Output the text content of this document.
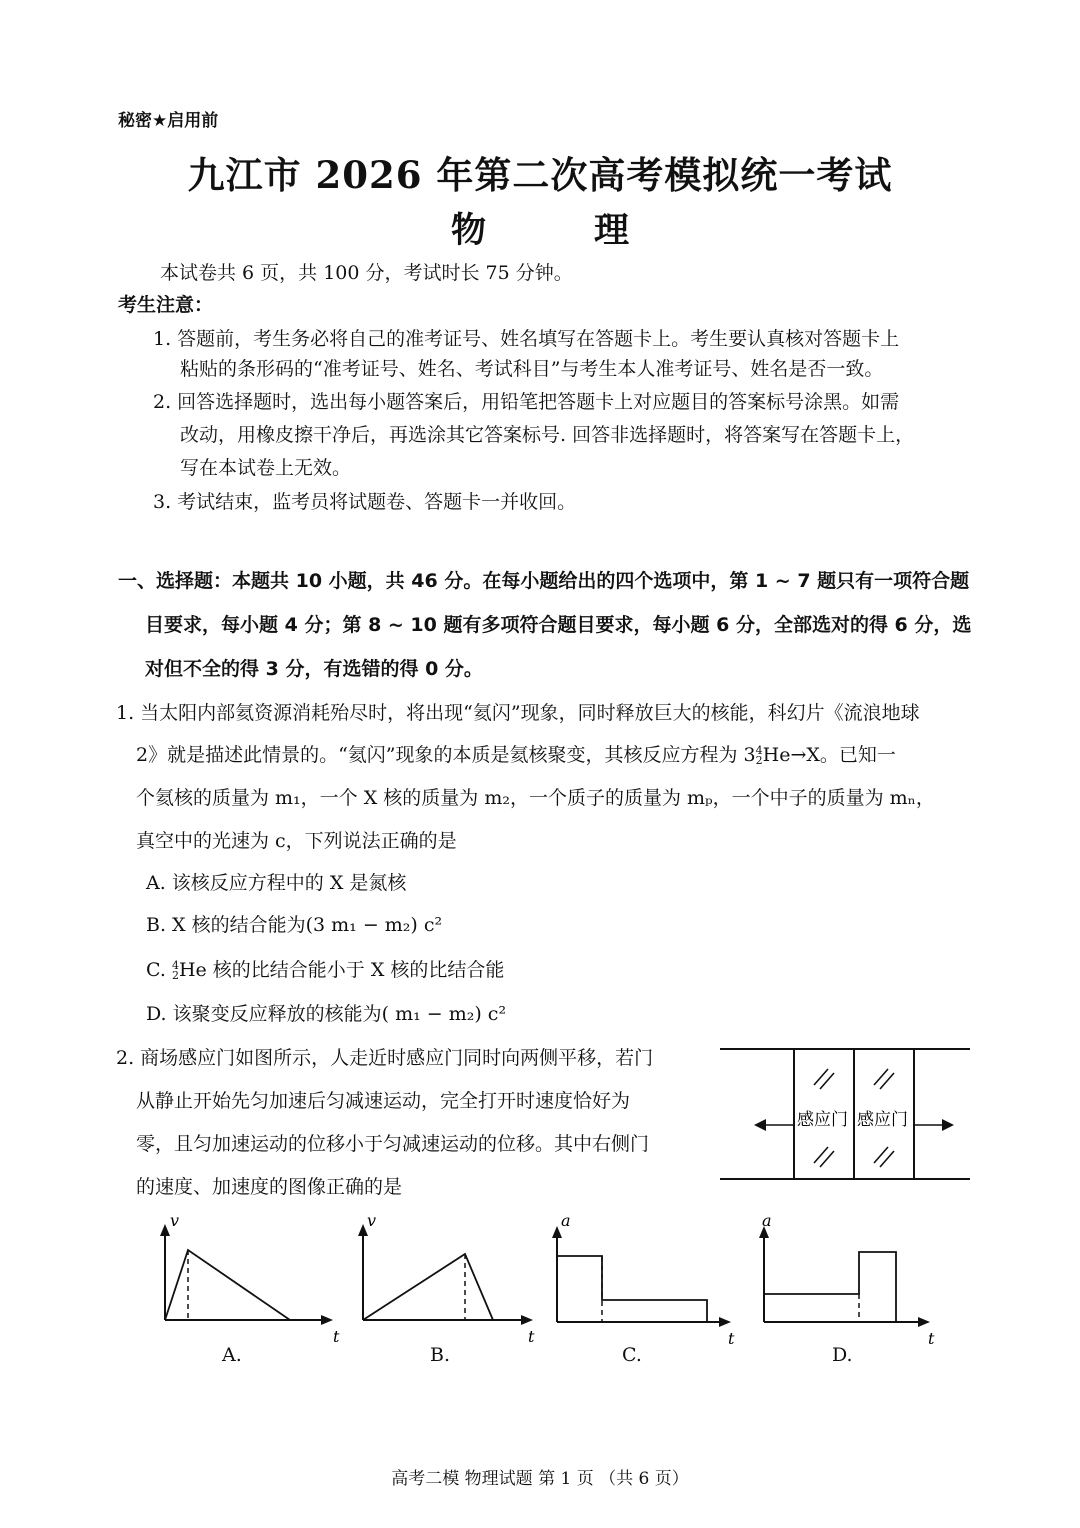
秘密★启用前
九江市 2026 年第二次高考模拟统一考试
物理
本试卷共 6 页，共 100 分，考试时长 75 分钟。
考生注意：
1. 答题前，考生务必将自己的准考证号、姓名填写在答题卡上。考生要认真核对答题卡上
粘贴的条形码的“准考证号、姓名、考试科目”与考生本人准考证号、姓名是否一致。
2. 回答选择题时，选出每小题答案后，用铅笔把答题卡上对应题目的答案标号涂黑。如需
改动，用橡皮擦干净后，再选涂其它答案标号. 回答非选择题时，将答案写在答题卡上，
写在本试卷上无效。
3. 考试结束，监考员将试题卷、答题卡一并收回。
一、选择题：本题共 10 小题，共 46 分。在每小题给出的四个选项中，第 1 ~ 7 题只有一项符合题
目要求，每小题 4 分；第 8 ~ 10 题有多项符合题目要求，每小题 6 分，全部选对的得 6 分，选
对但不全的得 3 分，有选错的得 0 分。
1. 当太阳内部氦资源消耗殆尽时，将出现“氦闪”现象，同时释放巨大的核能，科幻片《流浪地球
2》就是描述此情景的。“氦闪”现象的本质是氦核聚变，其核反应方程为 3 4
2 He→X。已知一
个氦核的质量为 m₁，一个 X 核的质量为 m₂，一个质子的质量为 mₚ，一个中子的质量为 mₙ，
真空中的光速为 c，下列说法正确的是
A. 该核反应方程中的 X 是氮核
B. X 核的结合能为(3 m₁ − m₂) c²
C. 4
2 He 核的比结合能小于 X 核的比结合能
D. 该聚变反应释放的核能为( m₁ − m₂) c²
2. 商场感应门如图所示，人走近时感应门同时向两侧平移，若门
从静止开始先匀加速后匀减速运动，完全打开时速度恰好为
零，且匀加速运动的位移小于匀减速运动的位移。其中右侧门
的速度、加速度的图像正确的是
感应门 感应门
v
t
A.
v
t
B.
a
t
C.
a
t
D.
高考二模 物理试题 第 1 页 （共 6 页）
